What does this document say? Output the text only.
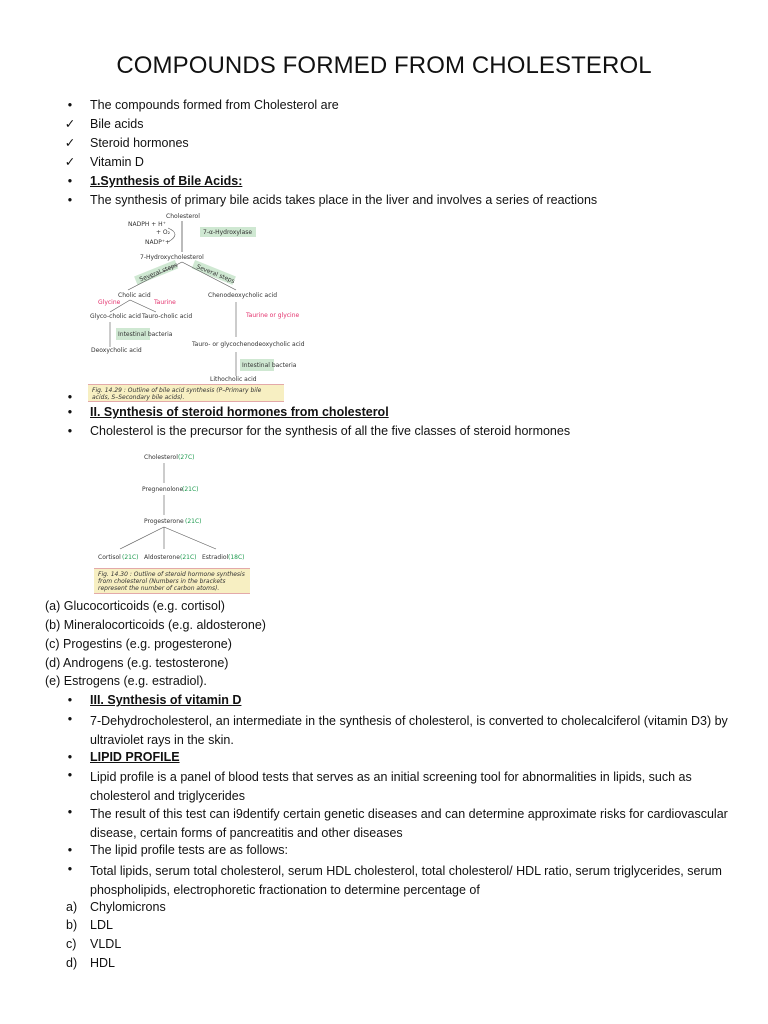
COMPOUNDS FORMED FROM CHOLESTEROL
•	The compounds formed from Cholesterol are
✓	Bile acids
✓	Steroid hormones
✓	Vitamin D
•	1.Synthesis of Bile Acids:
•	The synthesis of primary bile acids takes place in the liver and involves a series of reactions
Cholesterol
NADPH + H⁺
+ O₂
NADP⁺+
7-α-Hydroxylase
7-Hydroxycholesterol
Several steps	Several steps
Cholic acid	Chenodeoxycholic acid
Glycine	Taurine
Glyco-cholic acid Tauro-cholic acid
Intestinal bacteria
Deoxycholic acid
Taurine or glycine
Tauro- or glycochenodeoxycholic acid
Intestinal bacteria
Lithocholic acid
Fig. 14.29 : Outline of bile acid synthesis (P–Primary bile acids, S–Secondary bile acids).
•
•	II. Synthesis of steroid hormones from cholesterol
•	Cholesterol is the precursor for the synthesis of all the five classes of steroid hormones
Cholesterol (27C)
Pregnenolone
(21C)
Progesterone (21C)
Cortisol (21C) Aldosterone (21C) Estradiol (18C)
Fig. 14.30 : Outline of steroid hormone synthesis from cholesterol (Numbers in the brackets represent the number of carbon atoms).
(a) Glucocorticoids (e.g. cortisol)
(b) Mineralocorticoids (e.g. aldosterone)
(c) Progestins (e.g. progesterone)
(d) Androgens (e.g. testosterone)
(e) Estrogens (e.g. estradiol).
•	III. Synthesis of vitamin D
•	7-Dehydrocholesterol, an intermediate in the synthesis of cholesterol, is converted to cholecalciferol (vitamin D3) by ultraviolet rays in the skin.
•	LIPID PROFILE
•	Lipid profile is a panel of blood tests that serves as an initial screening tool for abnormalities in lipids, such as cholesterol and triglycerides
•	The result of this test can i9dentify certain genetic diseases and can determine approximate risks for cardiovascular disease, certain forms of pancreatitis and other diseases
•	The lipid profile tests are as follows:
•	Total lipids, serum total cholesterol, serum HDL cholesterol, total cholesterol/ HDL ratio, serum triglycerides, serum phospholipids, electrophoretic fractionation to determine percentage of
a) Chylomicrons
b) LDL
c) VLDL
d) HDL
